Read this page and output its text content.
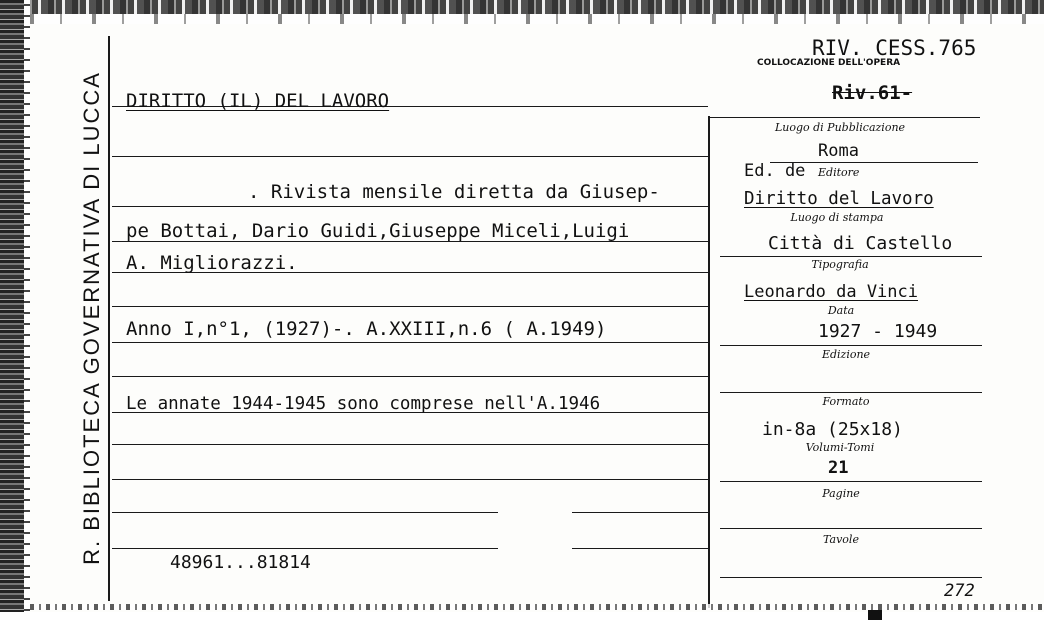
R. BIBLIOTECA GOVERNATIVA DI LUCCA
RIV. CESS.765
COLLOCAZIONE DELL'OPERA
Riv.61-
DIRITTO (IL) DEL LAVORO
. Rivista mensile diretta da Giusep-
pe Bottai, Dario Guidi,Giuseppe Miceli,Luigi
A. Migliorazzi.
Anno I,n°1, (1927)-. A.XXIII,n.6 ( A.1949)
Le annate 1944-1945 sono comprese nell'A.1946
48961...81814
Luogo di Pubblicazione
Roma
Ed. de Editore
Diritto del Lavoro
Luogo di stampa
Città di Castello
Tipografia
Leonardo da Vinci
Data
1927 - 1949
Edizione
Formato
in-8a (25x18)
Volumi-Tomi
21
Pagine
Tavole
272
